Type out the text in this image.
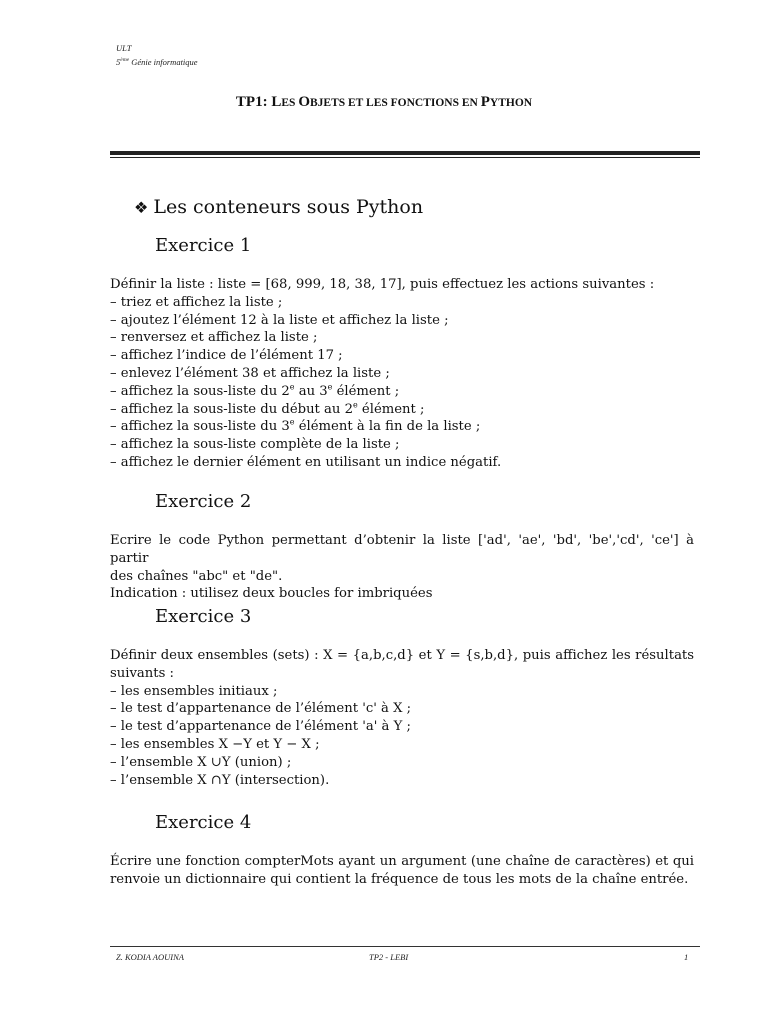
ULT
5ème Génie informatique
TP1: LES OBJETS ET LES FONCTIONS EN PYTHON
❖ Les conteneurs sous Python
Exercice 1
Définir la liste : liste = [68, 999, 18, 38, 17], puis effectuez les actions suivantes :
– triez et affichez la liste ;
– ajoutez l’élément 12 à la liste et affichez la liste ;
– renversez et affichez la liste ;
– affichez l’indice de l’élément 17 ;
– enlevez l’élément 38 et affichez la liste ;
– affichez la sous-liste du 2e au 3e élément ;
– affichez la sous-liste du début au 2e élément ;
– affichez la sous-liste du 3e élément à la fin de la liste ;
– affichez la sous-liste complète de la liste ;
– affichez le dernier élément en utilisant un indice négatif.
Exercice 2
Ecrire le code Python permettant d’obtenir la liste ['ad', 'ae', 'bd', 'be','cd', 'ce'] à partir
des chaînes "abc" et "de".
Indication : utilisez deux boucles for imbriquées
Exercice 3
Définir deux ensembles (sets) : X = {a,b,c,d} et Y = {s,b,d}, puis affichez les résultats
suivants :
– les ensembles initiaux ;
– le test d’appartenance de l’élément 'c' à X ;
– le test d’appartenance de l’élément 'a' à Y ;
– les ensembles X −Y et Y − X ;
– l’ensemble X ∪Y (union) ;
– l’ensemble X ∩Y (intersection).
Exercice 4
Écrire une fonction compterMots ayant un argument (une chaîne de caractères) et qui
renvoie un dictionnaire qui contient la fréquence de tous les mots de la chaîne entrée.
Z. KODIA AOUINA	TP2 - LEBI	1
